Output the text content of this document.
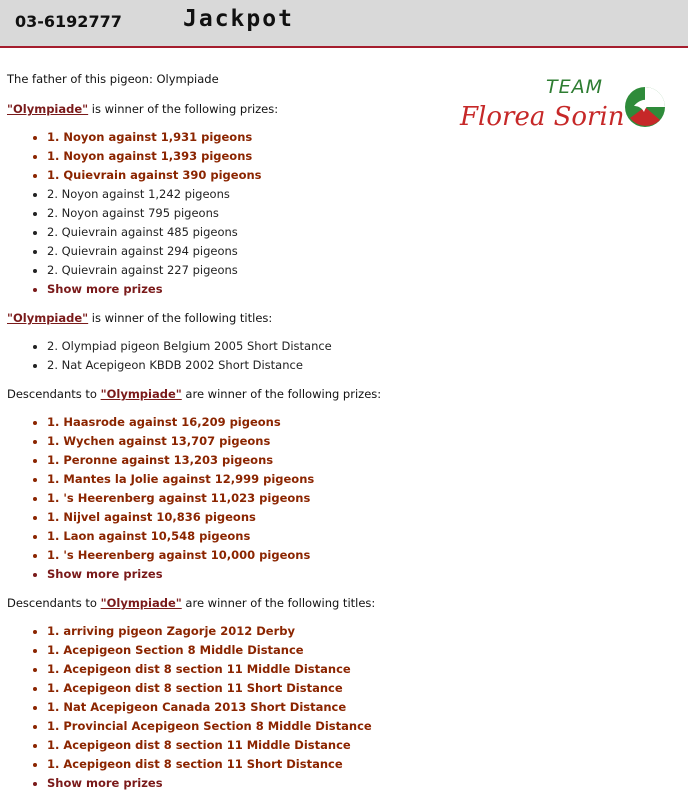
03-6192777	Jackpot
TEAM
Florea Sorin

The father of this pigeon: Olympiade

"Olympiade" is winner of the following prizes:

• 1. Noyon against 1,931 pigeons
• 1. Noyon against 1,393 pigeons
• 1. Quievrain against 390 pigeons
• 2. Noyon against 1,242 pigeons
• 2. Noyon against 795 pigeons
• 2. Quievrain against 485 pigeons
• 2. Quievrain against 294 pigeons
• 2. Quievrain against 227 pigeons
• Show more prizes

"Olympiade" is winner of the following titles:

• 2. Olympiad pigeon Belgium 2005 Short Distance
• 2. Nat Acepigeon KBDB 2002 Short Distance

Descendants to "Olympiade" are winner of the following prizes:

• 1. Haasrode against 16,209 pigeons
• 1. Wychen against 13,707 pigeons
• 1. Peronne against 13,203 pigeons
• 1. Mantes la Jolie against 12,999 pigeons
• 1. 's Heerenberg against 11,023 pigeons
• 1. Nijvel against 10,836 pigeons
• 1. Laon against 10,548 pigeons
• 1. 's Heerenberg against 10,000 pigeons
• Show more prizes

Descendants to "Olympiade" are winner of the following titles:

• 1. arriving pigeon Zagorje 2012 Derby
• 1. Acepigeon Section 8 Middle Distance
• 1. Acepigeon dist 8 section 11 Middle Distance
• 1. Acepigeon dist 8 section 11 Short Distance
• 1. Nat Acepigeon Canada 2013 Short Distance
• 1. Provincial Acepigeon Section 8 Middle Distance
• 1. Acepigeon dist 8 section 11 Middle Distance
• 1. Acepigeon dist 8 section 11 Short Distance
• Show more prizes
